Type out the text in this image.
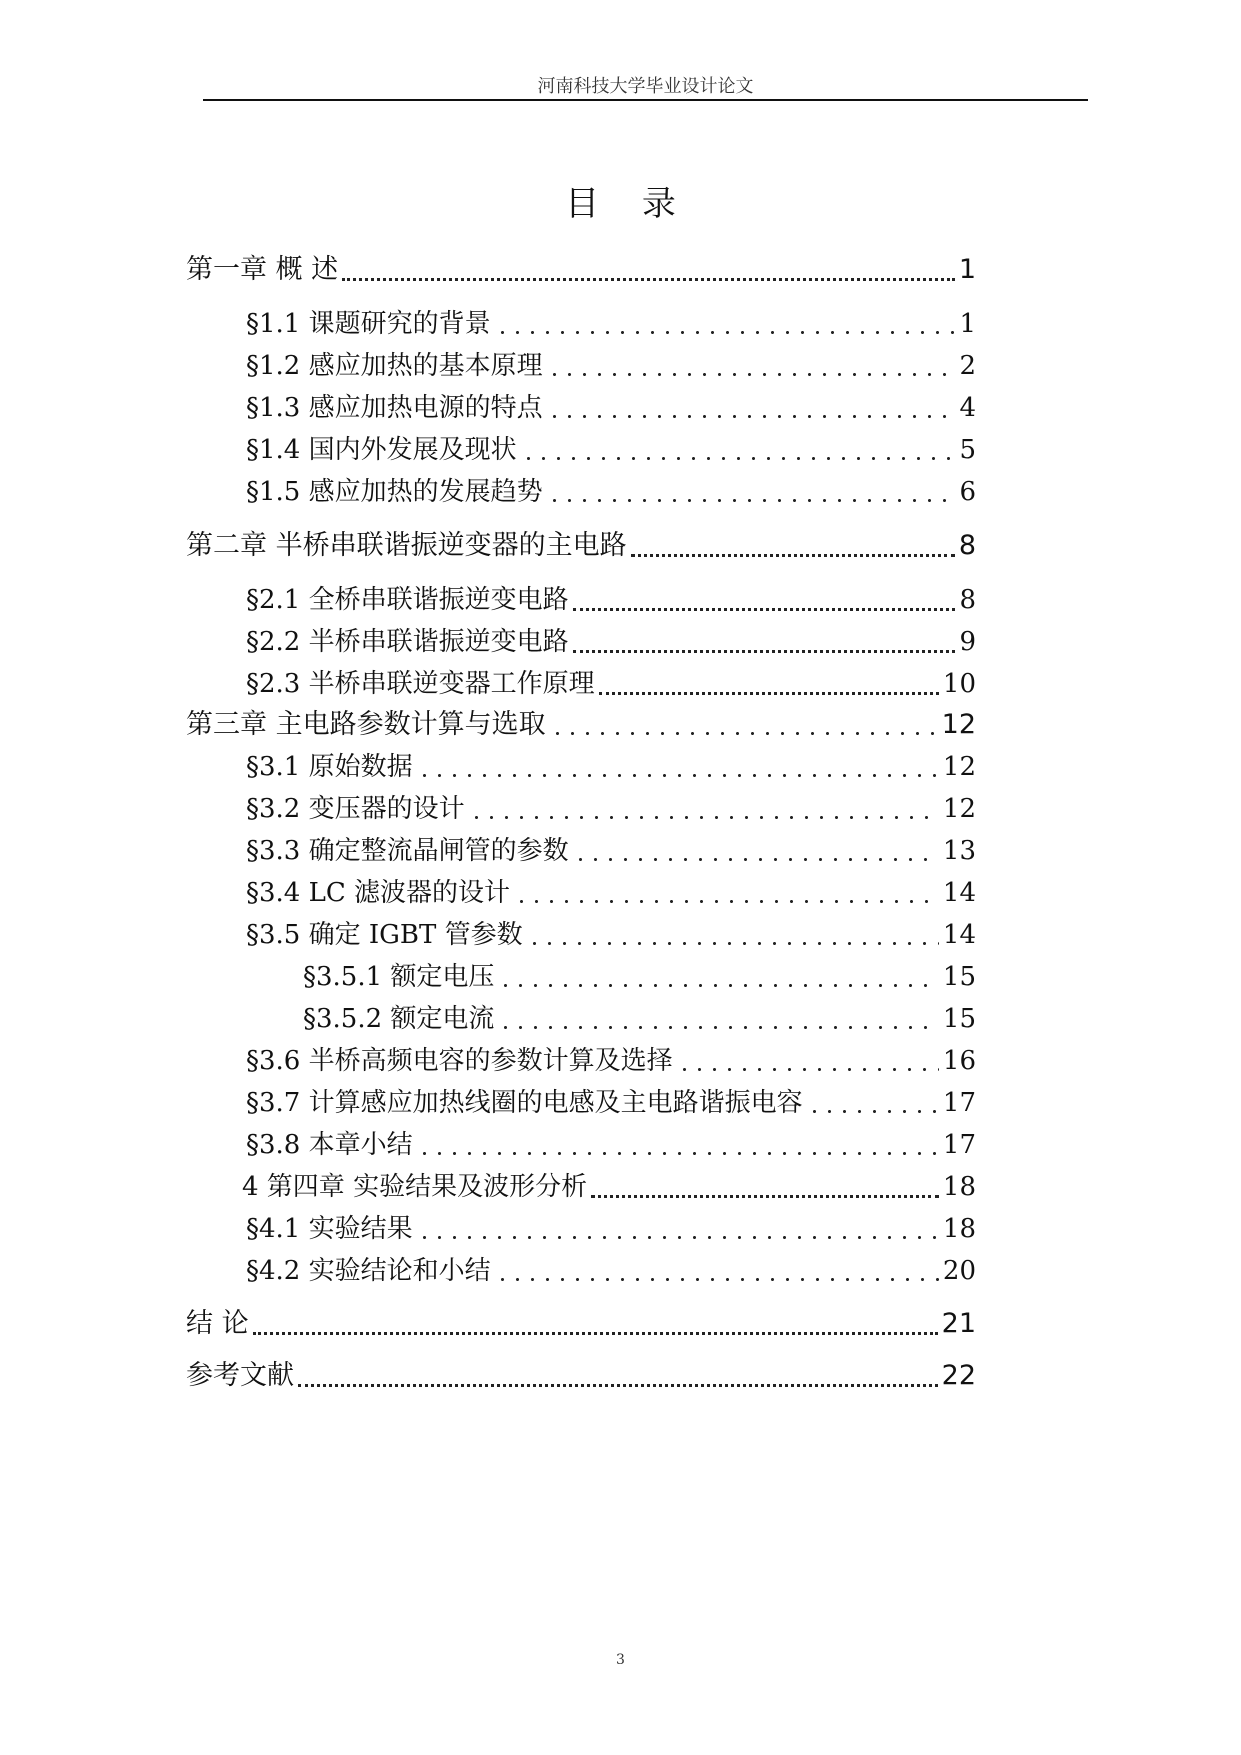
河南科技大学毕业设计论文
目 录
第一章 概 述	1
§1.1 课题研究的背景	1
§1.2 感应加热的基本原理	2
§1.3 感应加热电源的特点	4
§1.4 国内外发展及现状	5
§1.5 感应加热的发展趋势	6
第二章 半桥串联谐振逆变器的主电路	8
§2.1 全桥串联谐振逆变电路	8
§2.2 半桥串联谐振逆变电路	9
§2.3 半桥串联逆变器工作原理	10
第三章 主电路参数计算与选取	12
§3.1 原始数据	12
§3.2 变压器的设计	12
§3.3 确定整流晶闸管的参数	13
§3.4 LC 滤波器的设计	14
§3.5 确定 IGBT 管参数	14
§3.5.1 额定电压	15
§3.5.2 额定电流	15
§3.6 半桥高频电容的参数计算及选择	16
§3.7 计算感应加热线圈的电感及主电路谐振电容	17
§3.8 本章小结	17
4 第四章 实验结果及波形分析	18
§4.1 实验结果	18
§4.2 实验结论和小结	20
结 论	21
参考文献	22
3
